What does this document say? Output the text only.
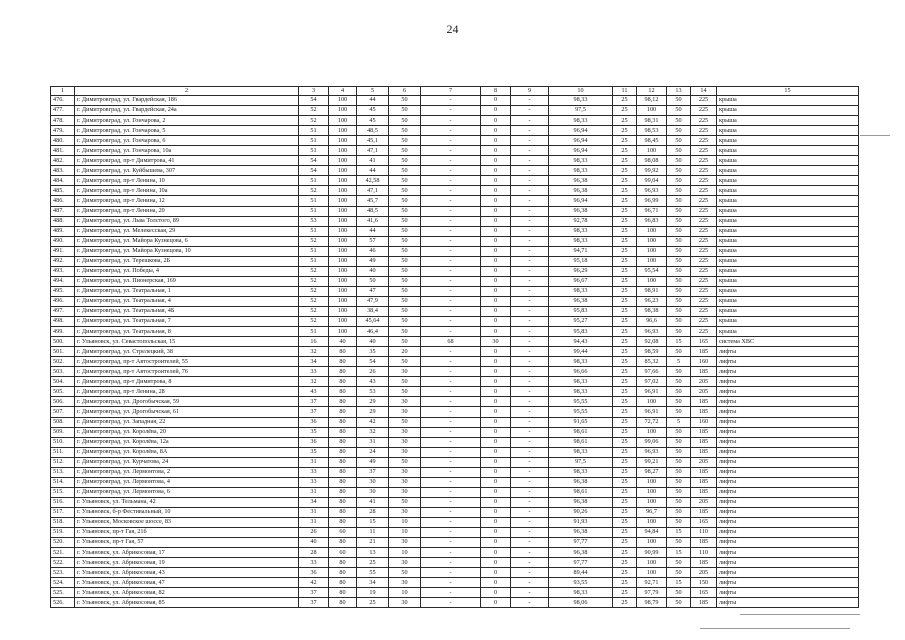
24
1	2	3	4	5	6	7	8	9	10	11	12	13	14	15
476.	г. Димитровград, ул. Гвардейская, 186	54	100	44	50	-	0	-	98,33	25	98,12	50	225	крыша
477.	г. Димитровград, ул. Гвардейская, 24а	52	100	45	50	-	0	-	97,5	25	100	50	225	крыша
478.	г. Димитровград, ул. Гончарова, 2	52	100	45	50	-	0	-	98,33	25	98,31	50	225	крыша
479.	г. Димитровград, ул. Гончарова, 5	51	100	48,5	50	-	0	-	96,94	25	98,53	50	225	крыша
480.	г. Димитровград, ул. Гончарова, 6	51	100	45,1	50	-	0	-	96,94	25	98,45	50	225	крыша
481.	г. Димитровград, ул. Гончарова, 10а	51	100	47,1	50	-	0	-	96,94	25	100	50	225	крыша
482.	г. Димитровград, пр-т Димитрова, 41	54	100	41	50	-	0	-	98,33	25	98,08	50	225	крыша
483.	г. Димитровград, ул. Куйбышева, 307	54	100	44	50	-	0	-	98,33	25	99,92	50	225	крыша
484.	г. Димитровград, пр-т Ленина, 10	51	100	42,58	50	-	0	-	96,38	25	99,04	50	225	крыша
485.	г. Димитровград, пр-т Ленина, 10а	52	100	47,1	50	-	0	-	96,38	25	96,93	50	225	крыша
486.	г. Димитровград, пр-т Ленина, 12	51	100	45,7	50	-	0	-	96,94	25	96,99	50	225	крыша
487.	г. Димитровград, пр-т Ленина, 20	51	100	48,5	50	-	0	-	96,38	25	96,71	50	225	крыша
488.	г. Димитровград, ул. Льва Толстого, 89	53	100	41,6	50	-	0	-	92,78	25	96,83	50	225	крыша
489.	г. Димитровград, ул. Мелекесская, 29	51	100	44	50	-	0	-	98,33	25	100	50	225	крыша
490.	г. Димитровград, ул. Майора Кузнецова, 6	52	100	57	50	-	0	-	98,33	25	100	50	225	крыша
491.	г. Димитровград, ул. Майора Кузнецова, 10	51	100	46	50	-	0	-	94,71	25	100	50	225	крыша
492.	г. Димитровград, ул. Терешкова, 2Б	51	100	49	50	-	0	-	95,18	25	100	50	225	крыша
493.	г. Димитровград, ул. Победы, 4	52	100	40	50	-	0	-	96,29	25	95,54	50	225	крыша
494.	г. Димитровград, ул. Пионерская, 169	52	100	50	50	-	0	-	96,67	25	100	50	225	крыша
495.	г. Димитровград, ул. Театральная, 1	52	100	47	50	-	0	-	98,33	25	98,91	50	225	крыша
496.	г. Димитровград, ул. Театральная, 4	52	100	47,9	50	-	0	-	96,38	25	96,23	50	225	крыша
497.	г. Димитровград, ул. Театральная, 4Б	52	100	38,4	50	-	0	-	95,83	25	98,38	50	225	крыша
498.	г. Димитровград, ул. Театральная, 7	52	100	45,64	50	-	0	-	95,27	25	96,6	50	225	крыша
499.	г. Димитровград, ул. Театральная, 8	51	100	46,4	50	-	0	-	95,83	25	96,93	50	225	крыша
500.	г. Ульяновск, ул. Севастопольская, 15	16	40	40	50	68	30	-	94,43	25	92,08	15	165	система ХВС
501.	г. Димитровград, ул. Стрелецкий, 38	32	80	35	20	-	0	-	99,44	25	98,59	50	185	лифты
502.	г. Димитровград, пр-т Автостроителей, 55	34	80	54	50	-	0	-	98,33	25	85,32	5	160	лифты
503.	г. Димитровград, пр-т Автостроителей, 76	33	80	26	30	-	0	-	96,66	25	97,66	50	185	лифты
504.	г. Димитровград, пр-т Димитрова, 8	32	80	43	50	-	0	-	98,33	25	97,02	50	205	лифты
505.	г. Димитровград, пр-т Ленина, 28	43	80	53	50	-	0	-	98,33	25	96,91	50	205	лифты
506.	г. Димитровград, ул. Дрогобычская, 59	37	80	29	30	-	0	-	95,55	25	100	50	185	лифты
507.	г. Димитровград, ул. Дрогобычская, 61	37	80	29	30	-	0	-	95,55	25	96,91	50	185	лифты
508.	г. Димитровград, ул. Западная, 22	36	80	42	50	-	0	-	91,65	25	72,72	5	160	лифты
509.	г. Димитровград, ул. Королёва, 20	35	80	32	30	-	0	-	98,61	25	100	50	185	лифты
510.	г. Димитровград, ул. Королёва, 12а	36	80	31	30	-	0	-	98,61	25	99,06	50	185	лифты
511.	г. Димитровград, ул. Королёва, 8А	35	80	24	30	-	0	-	98,33	25	96,93	50	185	лифты
512.	г. Димитровград, ул. Курчатова, 24	31	80	49	50	-	0	-	97,5	25	99,21	50	205	лифты
513.	г. Димитровград, ул. Лермонтова, 2	33	80	37	30	-	0	-	98,33	25	98,27	50	185	лифты
514.	г. Димитровград, ул. Лермонтова, 4	33	80	30	30	-	0	-	96,38	25	100	50	185	лифты
515.	г. Димитровград, ул. Лермонтова, 6	31	80	30	30	-	0	-	98,61	25	100	50	185	лифты
516.	г. Ульяновск, ул. Тельмана, 42	34	80	41	50	-	0	-	96,38	25	100	50	205	лифты
517.	г. Ульяновск, б-р Фестивальный, 10	31	80	28	30	-	0	-	90,26	25	96,7	50	185	лифты
518.	г. Ульяновск, Московское шоссе, 83	31	80	15	10	-	0	-	91,93	25	100	50	165	лифты
519.	г. Ульяновск, пр-т Гая, 21б	26	60	11	10	-	0	-	96,38	25	94,84	15	110	лифты
520.	г. Ульяновск, пр-т Гая, 57	40	80	21	30	-	0	-	97,77	25	100	50	185	лифты
521.	г. Ульяновск, ул. Абрикосовая, 17	28	60	13	10	-	0	-	96,38	25	90,99	15	110	лифты
522.	г. Ульяновск, ул. Абрикосовая, 19	33	80	25	30	-	0	-	97,77	25	100	50	185	лифты
523.	г. Ульяновск, ул. Абрикосовая, 43	36	80	55	50	-	0	-	89,44	25	100	50	205	лифты
524.	г. Ульяновск, ул. Абрикосовая, 47	42	80	34	30	-	0	-	93,55	25	92,71	15	150	лифты
525.	г. Ульяновск, ул. Абрикосовая, 82	37	80	19	10	-	0	-	98,33	25	97,79	50	165	лифты
526.	г. Ульяновск, ул. Абрикосовая, 85	37	80	25	30	-	0	-	98,06	25	98,79	50	185	лифты
